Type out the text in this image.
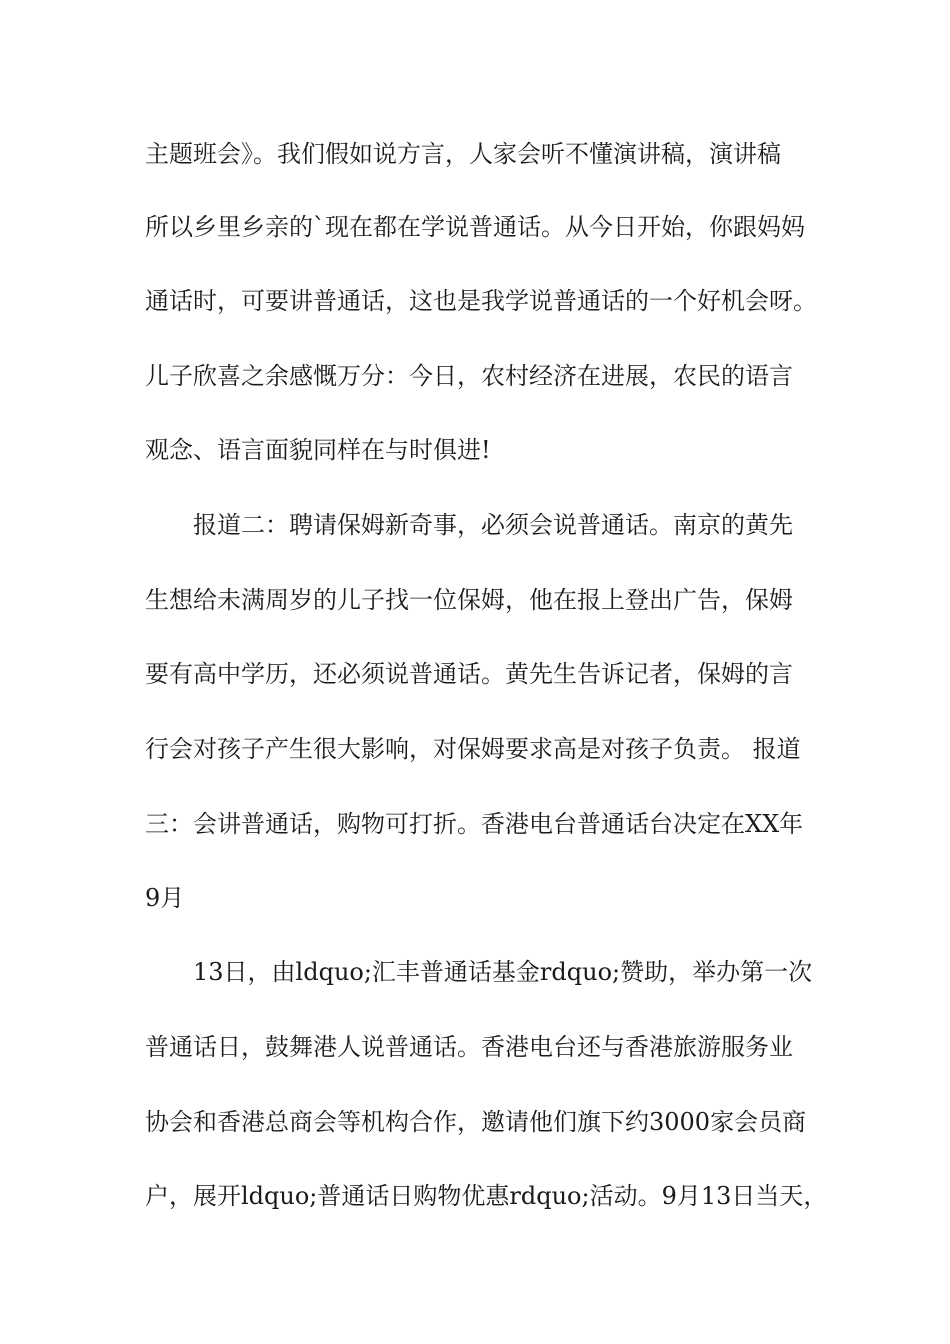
主题班会》。我们假如说方言，人家会听不懂演讲稿，演讲稿
所以乡里乡亲的`现在都在学说普通话。从今日开始，你跟妈妈
通话时，可要讲普通话，这也是我学说普通话的一个好机会呀。
儿子欣喜之余感慨万分：今日，农村经济在进展，农民的语言
观念、语言面貌同样在与时俱进!
报道二：聘请保姆新奇事，必须会说普通话。南京的黄先
生想给未满周岁的儿子找一位保姆，他在报上登出广告，保姆
要有高中学历，还必须说普通话。黄先生告诉记者，保姆的言
行会对孩子产生很大影响，对保姆要求高是对孩子负责。 报道
三：会讲普通话，购物可打折。香港电台普通话台决定在XX年
9月
13日，由ldquo;汇丰普通话基金rdquo;赞助，举办第一次
普通话日，鼓舞港人说普通话。香港电台还与香港旅游服务业
协会和香港总商会等机构合作，邀请他们旗下约3000家会员商
户，展开ldquo;普通话日购物优惠rdquo;活动。9月13日当天，
